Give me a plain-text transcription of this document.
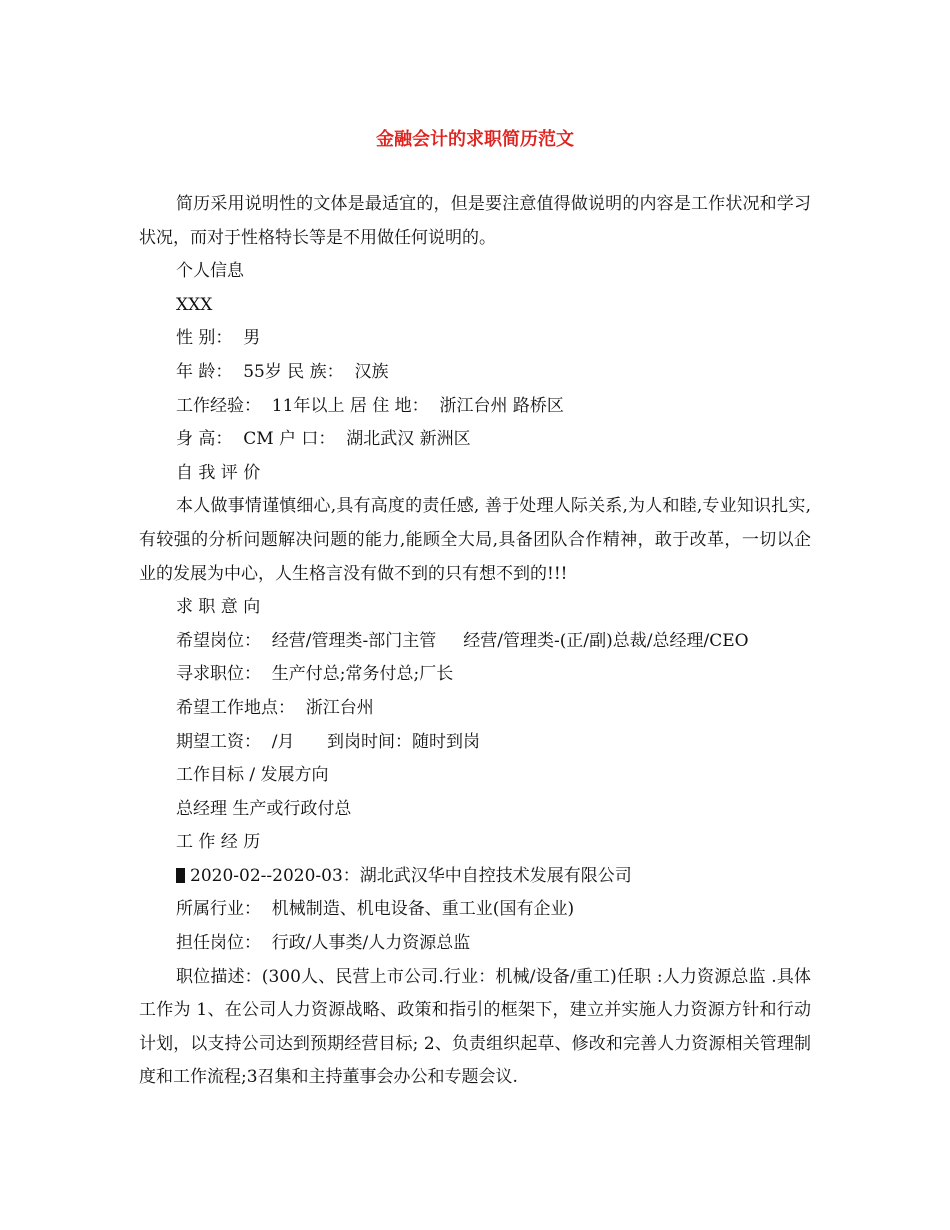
金融会计的求职简历范文

简历采用说明性的文体是最适宜的，但是要注意值得做说明的内容是工作状况和学习状况，而对于性格特长等是不用做任何说明的。

个人信息

XXX

性 别：  男

年 龄：  55岁 民 族：  汉族

工作经验：  11年以上 居 住 地：  浙江台州 路桥区

身 高：  CM 户 口：  湖北武汉 新洲区

自 我 评 价

本人做事情谨慎细心,具有高度的责任感, 善于处理人际关系,为人和睦,专业知识扎实,有较强的分析问题解决问题的能力,能顾全大局,具备团队合作精神，敢于改革，一切以企业的发展为中心，人生格言没有做不到的只有想不到的!!!

求 职 意 向

希望岗位：  经营/管理类-部门主管     经营/管理类-(正/副)总裁/总经理/CEO

寻求职位：  生产付总;常务付总;厂长

希望工作地点：  浙江台州

期望工资：  /月      到岗时间：随时到岗

工作目标 / 发展方向

总经理 生产或行政付总

工 作 经 历

2020-02--2020-03：湖北武汉华中自控技术发展有限公司

所属行业：  机械制造、机电设备、重工业(国有企业)

担任岗位：  行政/人事类/人力资源总监

职位描述：(300人、民营上市公司.行业：机械/设备/重工)任职 :人力资源总监 .具体工作为 1、在公司人力资源战略、政策和指引的框架下，建立并实施人力资源方针和行动计划，以支持公司达到预期经营目标; 2、负责组织起草、修改和完善人力资源相关管理制度和工作流程;3召集和主持董事会办公和专题会议.
